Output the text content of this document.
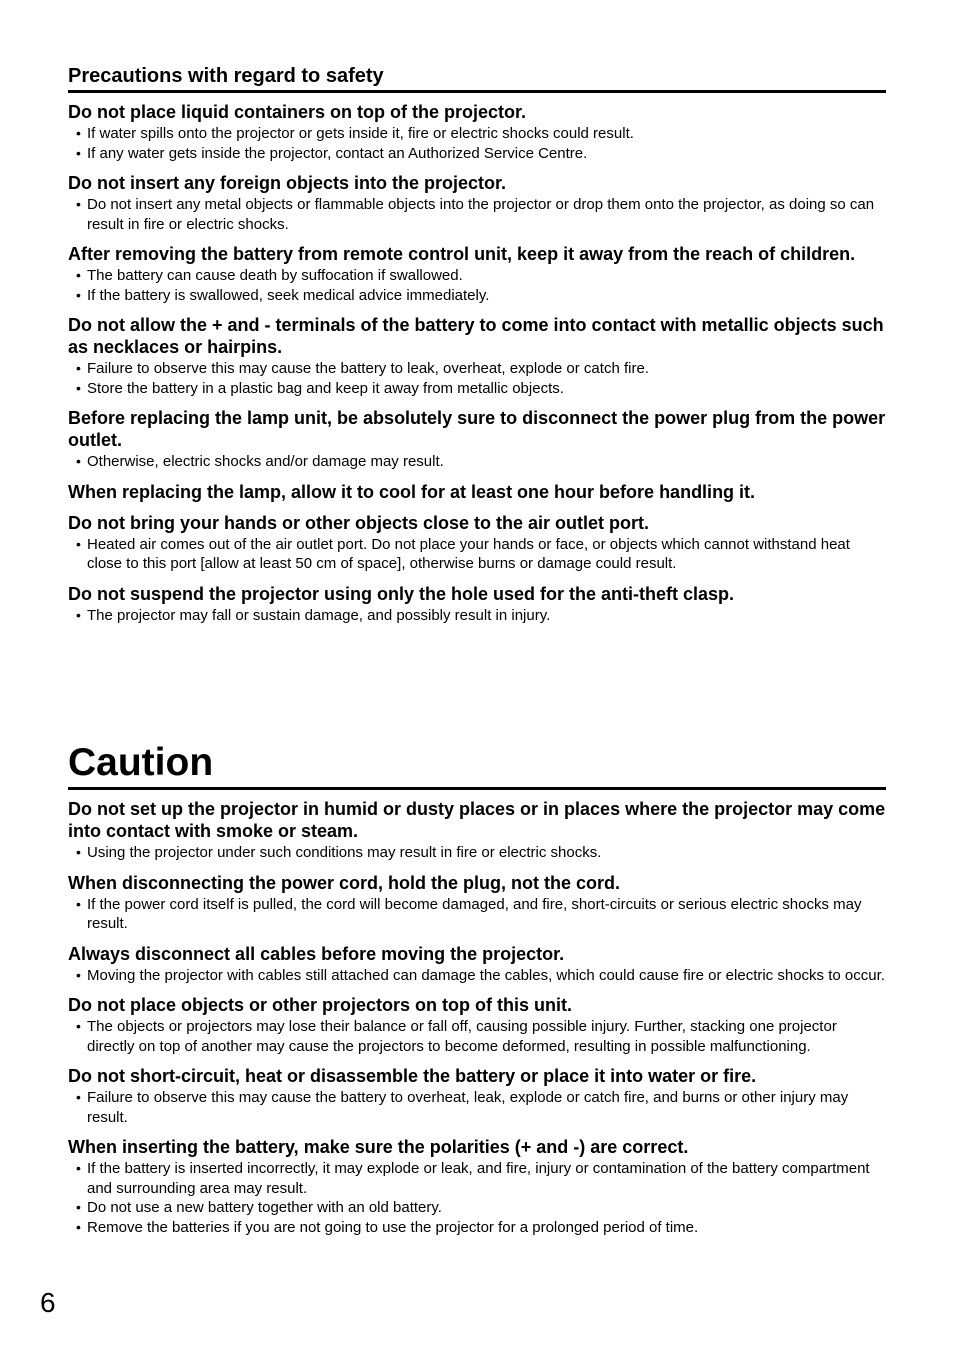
Precautions with regard to safety
Do not place liquid containers on top of the projector.
• If water spills onto the projector or gets inside it, fire or electric shocks could result.
• If any water gets inside the projector, contact an Authorized Service Centre.
Do not insert any foreign objects into the projector.
• Do not insert any metal objects or flammable objects into the projector or drop them onto the projector, as doing so can result in fire or electric shocks.
After removing the battery from remote control unit, keep it away from the reach of children.
• The battery can cause death by suffocation if swallowed.
• If the battery is swallowed, seek medical advice immediately.
Do not allow the + and - terminals of the battery to come into contact with metallic objects such as necklaces or hairpins.
• Failure to observe this may cause the battery to leak, overheat, explode or catch fire.
• Store the battery in a plastic bag and keep it away from metallic objects.
Before replacing the lamp unit, be absolutely sure to disconnect the power plug from the power outlet.
• Otherwise, electric shocks and/or damage may result.
When replacing the lamp, allow it to cool for at least one hour before handling it.
Do not bring your hands or other objects close to the air outlet port.
• Heated air comes out of the air outlet port. Do not place your hands or face, or objects which cannot withstand heat close to this port [allow at least 50 cm of space], otherwise burns or damage could result.
Do not suspend the projector using only the hole used for the anti-theft clasp.
• The projector may fall or sustain damage, and possibly result in injury.
Caution
Do not set up the projector in humid or dusty places or in places where the projector may come into contact with smoke or steam.
• Using the projector under such conditions may result in fire or electric shocks.
When disconnecting the power cord, hold the plug, not the cord.
• If the power cord itself is pulled, the cord will become damaged, and fire, short-circuits or serious electric shocks may result.
Always disconnect all cables before moving the projector.
• Moving the projector with cables still attached can damage the cables, which could cause fire or electric shocks to occur.
Do not place objects or other projectors on top of this unit.
• The objects or projectors may lose their balance or fall off, causing possible injury. Further, stacking one projector directly on top of another may cause the projectors to become deformed, resulting in possible malfunctioning.
Do not short-circuit, heat or disassemble the battery or place it into water or fire.
• Failure to observe this may cause the battery to overheat, leak, explode or catch fire, and burns or other injury may result.
When inserting the battery, make sure the polarities (+ and -) are correct.
• If the battery is inserted incorrectly, it may explode or leak, and fire, injury or contamination of the battery compartment and surrounding area may result.
• Do not use a new battery together with an old battery.
• Remove the batteries if you are not going to use the projector for a prolonged period of time.
6
